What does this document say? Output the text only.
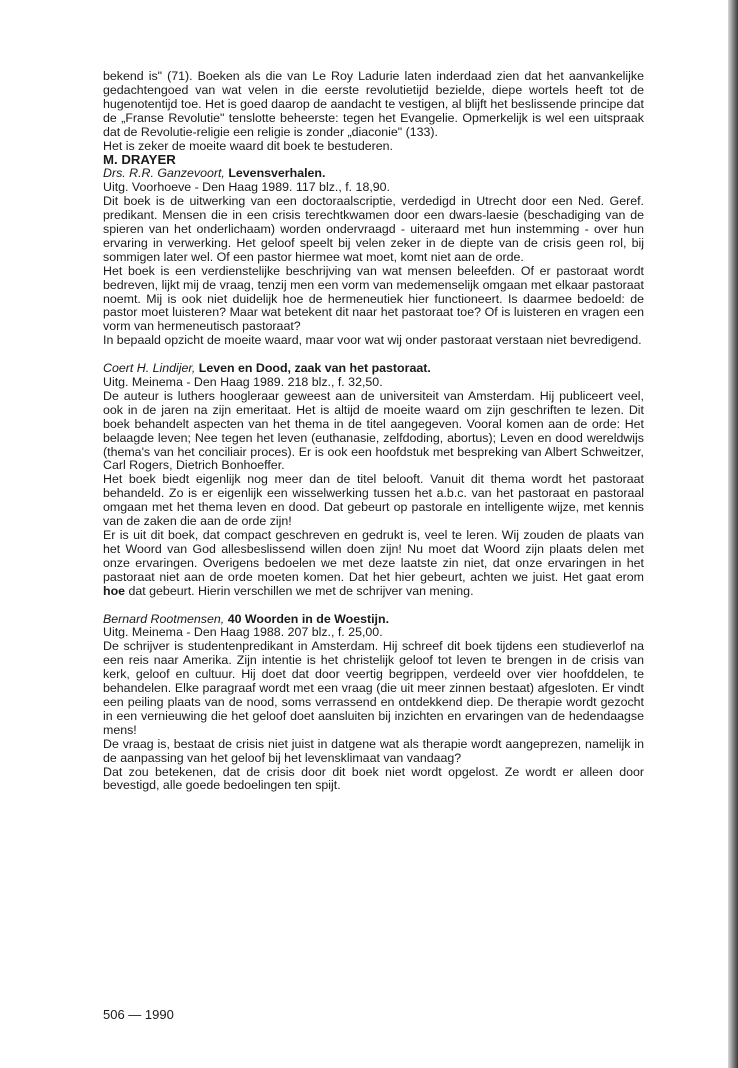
bekend is" (71). Boeken als die van Le Roy Ladurie laten inderdaad zien dat het aanvankelijke gedachtengoed van wat velen in die eerste revolutietijd bezielde, diepe wortels heeft tot de hugenotentijd toe. Het is goed daarop de aandacht te vestigen, al blijft het beslissende principe dat de „Franse Revolutie" tenslotte beheerste: tegen het Evangelie. Opmerkelijk is wel een uitspraak dat de Revolutie-religie een religie is zonder „diaconie" (133).

Het is zeker de moeite waard dit boek te bestuderen.

M. DRAYER

Drs. R.R. Ganzevoort, Levensverhalen.

Uitg. Voorhoeve - Den Haag 1989. 117 blz., f. 18,90.

Dit boek is de uitwerking van een doctoraalscriptie, verdedigd in Utrecht door een Ned. Geref. predikant. Mensen die in een crisis terechtkwamen door een dwars-laesie (beschadiging van de spieren van het onderlichaam) worden ondervraagd - uiteraard met hun instemming - over hun ervaring in verwerking. Het geloof speelt bij velen zeker in de diepte van de crisis geen rol, bij sommigen later wel. Of een pastor hiermee wat moet, komt niet aan de orde.

Het boek is een verdienstelijke beschrijving van wat mensen beleefden. Of er pastoraat wordt bedreven, lijkt mij de vraag, tenzij men een vorm van medemenselijk omgaan met elkaar pastoraat noemt. Mij is ook niet duidelijk hoe de hermeneutiek hier functioneert. Is daarmee bedoeld: de pastor moet luisteren? Maar wat betekent dit naar het pastoraat toe? Of is luisteren en vragen een vorm van hermeneutisch pastoraat?

In bepaald opzicht de moeite waard, maar voor wat wij onder pastoraat verstaan niet bevredigend.

Coert H. Lindijer, Leven en Dood, zaak van het pastoraat.

Uitg. Meinema - Den Haag 1989. 218 blz., f. 32,50.

De auteur is luthers hoogleraar geweest aan de universiteit van Amsterdam. Hij publiceert veel, ook in de jaren na zijn emeritaat. Het is altijd de moeite waard om zijn geschriften te lezen. Dit boek behandelt aspecten van het thema in de titel aangegeven. Vooral komen aan de orde: Het belaagde leven; Nee tegen het leven (euthanasie, zelfdoding, abortus); Leven en dood wereldwijs (thema's van het conciliair proces). Er is ook een hoofdstuk met bespreking van Albert Schweitzer, Carl Rogers, Dietrich Bonhoeffer.

Het boek biedt eigenlijk nog meer dan de titel belooft. Vanuit dit thema wordt het pastoraat behandeld. Zo is er eigenlijk een wisselwerking tussen het a.b.c. van het pastoraat en pastoraal omgaan met het thema leven en dood. Dat gebeurt op pastorale en intelligente wijze, met kennis van de zaken die aan de orde zijn!

Er is uit dit boek, dat compact geschreven en gedrukt is, veel te leren. Wij zouden de plaats van het Woord van God allesbeslissend willen doen zijn! Nu moet dat Woord zijn plaats delen met onze ervaringen. Overigens bedoelen we met deze laatste zin niet, dat onze ervaringen in het pastoraat niet aan de orde moeten komen. Dat het hier gebeurt, achten we juist. Het gaat erom hoe dat gebeurt. Hierin verschillen we met de schrijver van mening.

Bernard Rootmensen, 40 Woorden in de Woestijn.

Uitg. Meinema - Den Haag 1988. 207 blz., f. 25,00.

De schrijver is studentenpredikant in Amsterdam. Hij schreef dit boek tijdens een studieverlof na een reis naar Amerika. Zijn intentie is het christelijk geloof tot leven te brengen in de crisis van kerk, geloof en cultuur. Hij doet dat door veertig begrippen, verdeeld over vier hoofddelen, te behandelen. Elke paragraaf wordt met een vraag (die uit meer zinnen bestaat) afgesloten. Er vindt een peiling plaats van de nood, soms verrassend en ontdekkend diep. De therapie wordt gezocht in een vernieuwing die het geloof doet aansluiten bij inzichten en ervaringen van de hedendaagse mens!

De vraag is, bestaat de crisis niet juist in datgene wat als therapie wordt aangeprezen, namelijk in de aanpassing van het geloof bij het levensklimaat van vandaag?

Dat zou betekenen, dat de crisis door dit boek niet wordt opgelost. Ze wordt er alleen door bevestigd, alle goede bedoelingen ten spijt.

506 — 1990
